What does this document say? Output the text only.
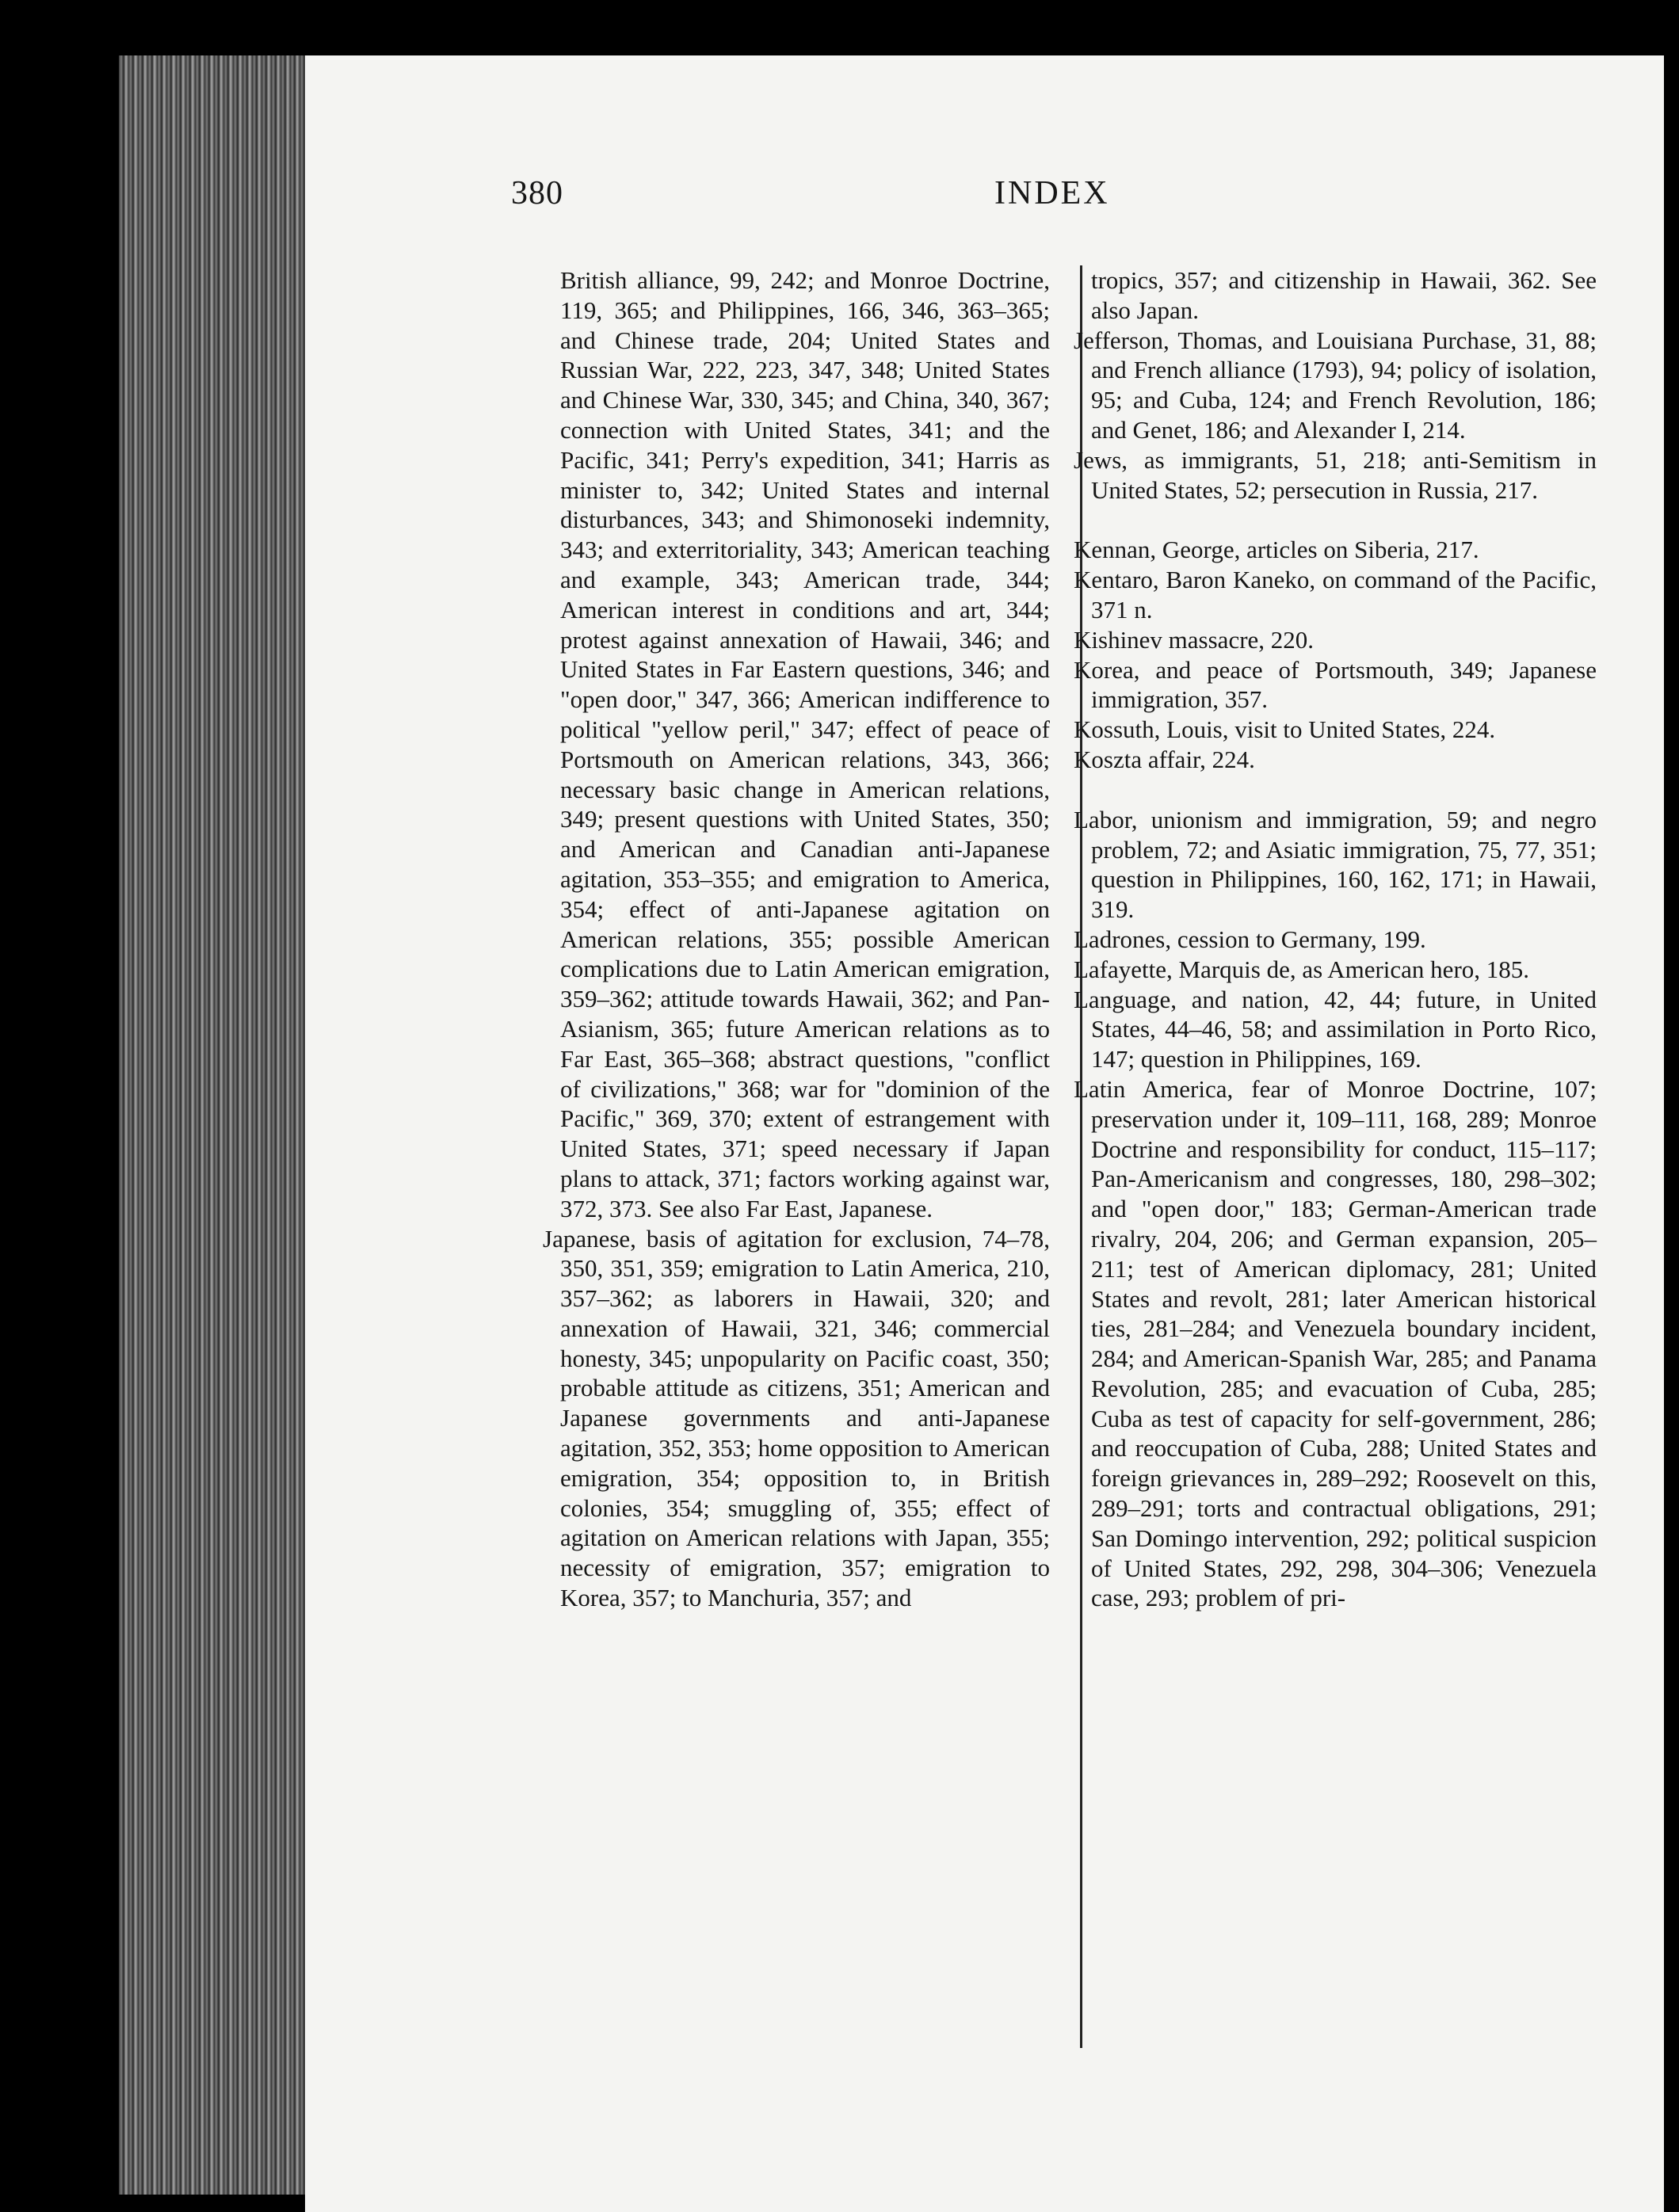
380	INDEX

British alliance, 99, 242; and Monroe Doctrine, 119, 365; and Philippines, 166, 346, 363–365; and Chinese trade, 204; United States and Russian War, 222, 223, 347, 348; United States and Chinese War, 330, 345; and China, 340, 367; connection with United States, 341; and the Pacific, 341; Perry's expedition, 341; Harris as minister to, 342; United States and internal disturbances, 343; and Shimonoseki indemnity, 343; and exterritoriality, 343; American teaching and example, 343; American trade, 344; American interest in conditions and art, 344; protest against annexation of Hawaii, 346; and United States in Far Eastern questions, 346; and "open door," 347, 366; American indifference to political "yellow peril," 347; effect of peace of Portsmouth on American relations, 343, 366; necessary basic change in American relations, 349; present questions with United States, 350; and American and Canadian anti-Japanese agitation, 353–355; and emigration to America, 354; effect of anti-Japanese agitation on American relations, 355; possible American complications due to Latin American emigration, 359–362; attitude towards Hawaii, 362; and Pan-Asianism, 365; future American relations as to Far East, 365–368; abstract questions, "conflict of civilizations," 368; war for "dominion of the Pacific," 369, 370; extent of estrangement with United States, 371; speed necessary if Japan plans to attack, 371; factors working against war, 372, 373. See also Far East, Japanese.

Japanese, basis of agitation for exclusion, 74–78, 350, 351, 359; emigration to Latin America, 210, 357–362; as laborers in Hawaii, 320; and annexation of Hawaii, 321, 346; commercial honesty, 345; unpopularity on Pacific coast, 350; probable attitude as citizens, 351; American and Japanese governments and anti-Japanese agitation, 352, 353; home opposition to American emigration, 354; opposition to, in British colonies, 354; smuggling of, 355; effect of agitation on American relations with Japan, 355; necessity of emigration, 357; emigration to Korea, 357; to Manchuria, 357; and

tropics, 357; and citizenship in Hawaii, 362. See also Japan.

Jefferson, Thomas, and Louisiana Purchase, 31, 88; and French alliance (1793), 94; policy of isolation, 95; and Cuba, 124; and French Revolution, 186; and Genet, 186; and Alexander I, 214.

Jews, as immigrants, 51, 218; anti-Semitism in United States, 52; persecution in Russia, 217.

Kennan, George, articles on Siberia, 217.

Kentaro, Baron Kaneko, on command of the Pacific, 371 n.

Kishinev massacre, 220.

Korea, and peace of Portsmouth, 349; Japanese immigration, 357.

Kossuth, Louis, visit to United States, 224.

Koszta affair, 224.

Labor, unionism and immigration, 59; and negro problem, 72; and Asiatic immigration, 75, 77, 351; question in Philippines, 160, 162, 171; in Hawaii, 319.

Ladrones, cession to Germany, 199.

Lafayette, Marquis de, as American hero, 185.

Language, and nation, 42, 44; future, in United States, 44–46, 58; and assimilation in Porto Rico, 147; question in Philippines, 169.

Latin America, fear of Monroe Doctrine, 107; preservation under it, 109–111, 168, 289; Monroe Doctrine and responsibility for conduct, 115–117; Pan-Americanism and congresses, 180, 298–302; and "open door," 183; German-American trade rivalry, 204, 206; and German expansion, 205–211; test of American diplomacy, 281; United States and revolt, 281; later American historical ties, 281–284; and Venezuela boundary incident, 284; and American-Spanish War, 285; and Panama Revolution, 285; and evacuation of Cuba, 285; Cuba as test of capacity for self-government, 286; and reoccupation of Cuba, 288; United States and foreign grievances in, 289–292; Roosevelt on this, 289–291; torts and contractual obligations, 291; San Domingo intervention, 292; political suspicion of United States, 292, 298, 304–306; Venezuela case, 293; problem of pri-
